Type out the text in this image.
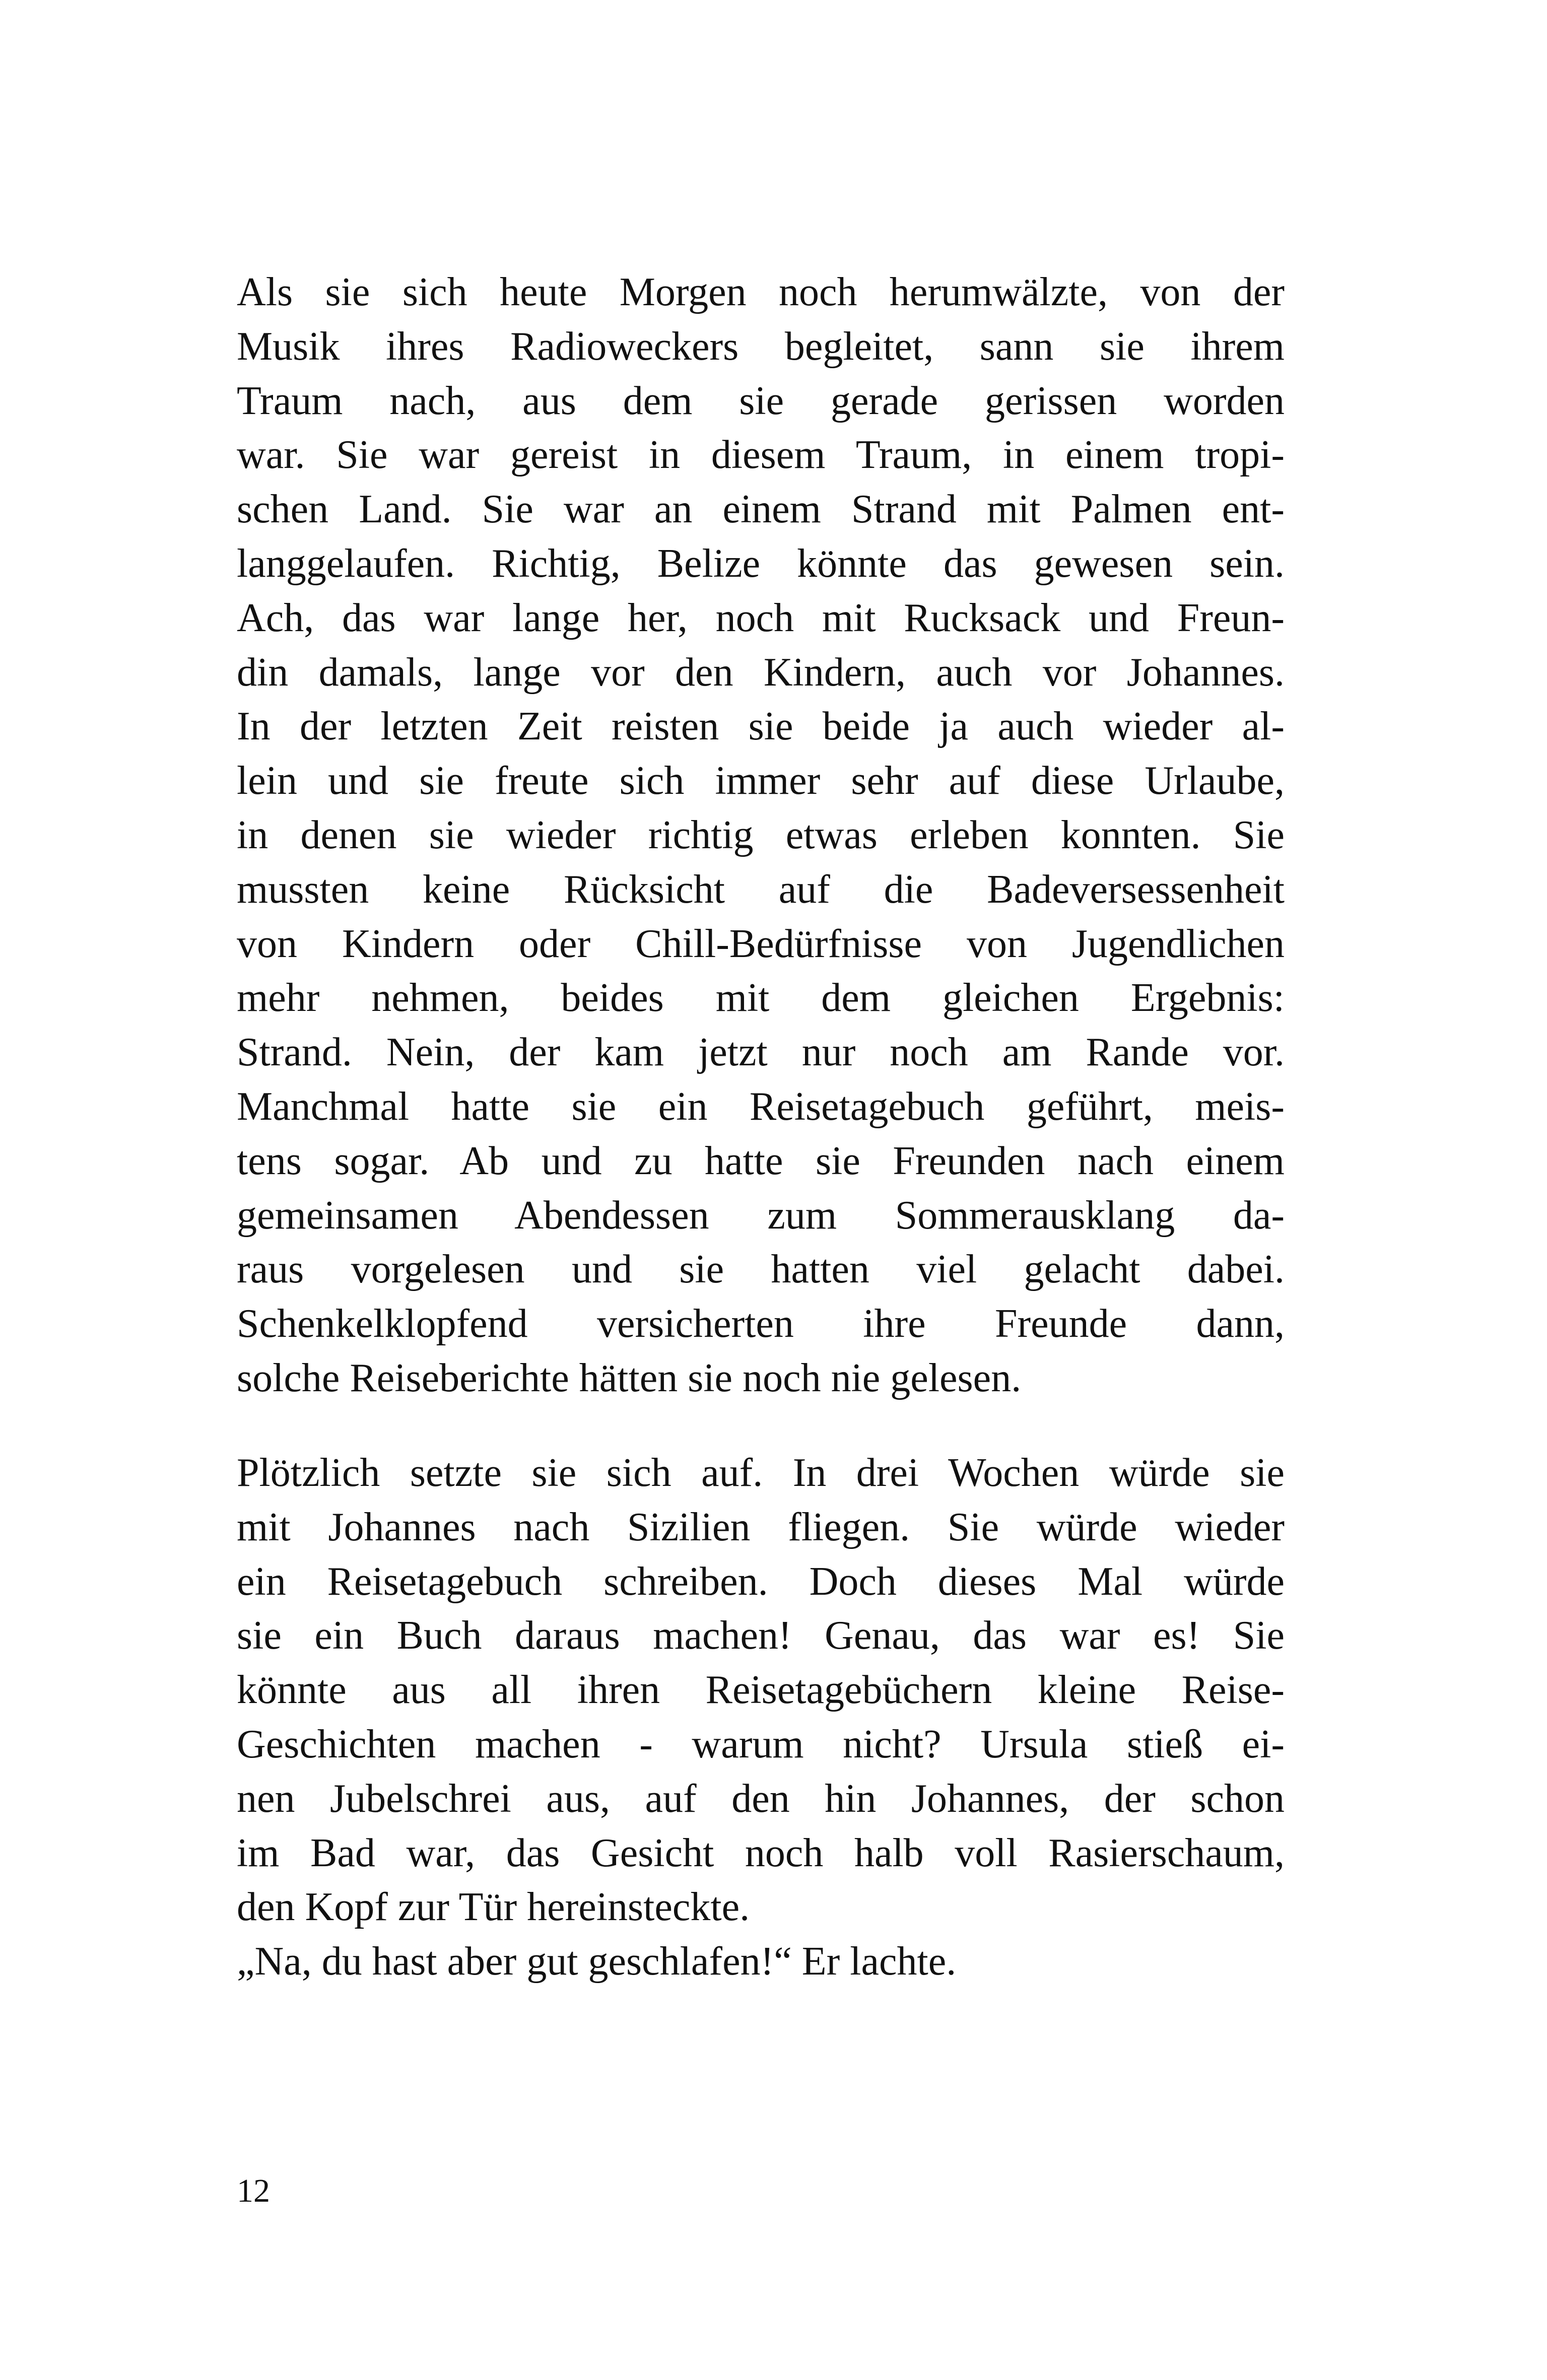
Als sie sich heute Morgen noch herumwälzte, von der
Musik ihres Radioweckers begleitet, sann sie ihrem
Traum nach, aus dem sie gerade gerissen worden
war. Sie war gereist in diesem Traum, in einem tropi-
schen Land. Sie war an einem Strand mit Palmen ent-
langgelaufen. Richtig, Belize könnte das gewesen sein.
Ach, das war lange her, noch mit Rucksack und Freun-
din damals, lange vor den Kindern, auch vor Johannes.
In der letzten Zeit reisten sie beide ja auch wieder al-
lein und sie freute sich immer sehr auf diese Urlaube,
in denen sie wieder richtig etwas erleben konnten. Sie
mussten keine Rücksicht auf die Badeversessenheit
von Kindern oder Chill-Bedürfnisse von Jugendlichen
mehr nehmen, beides mit dem gleichen Ergebnis:
Strand. Nein, der kam jetzt nur noch am Rande vor.
Manchmal hatte sie ein Reisetagebuch geführt, meis-
tens sogar. Ab und zu hatte sie Freunden nach einem
gemeinsamen Abendessen zum Sommerausklang da-
raus vorgelesen und sie hatten viel gelacht dabei.
Schenkelklopfend versicherten ihre Freunde dann,
solche Reiseberichte hätten sie noch nie gelesen.
Plötzlich setzte sie sich auf. In drei Wochen würde sie
mit Johannes nach Sizilien fliegen. Sie würde wieder
ein Reisetagebuch schreiben. Doch dieses Mal würde
sie ein Buch daraus machen! Genau, das war es! Sie
könnte aus all ihren Reisetagebüchern kleine Reise-
Geschichten machen - warum nicht? Ursula stieß ei-
nen Jubelschrei aus, auf den hin Johannes, der schon
im Bad war, das Gesicht noch halb voll Rasierschaum,
den Kopf zur Tür hereinsteckte.
„Na, du hast aber gut geschlafen!“ Er lachte.
12
